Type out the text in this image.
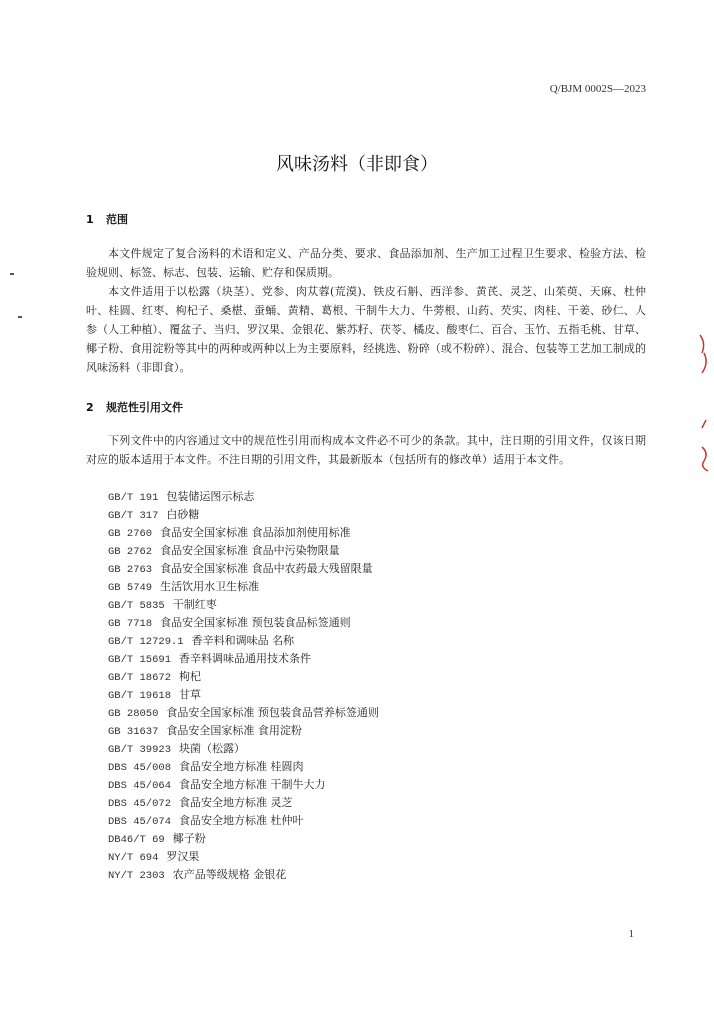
Q/BJM 0002S—2023
风味汤料（非即食）
1 范围

本文件规定了复合汤料的术语和定义、产品分类、要求、食品添加剂、生产加工过程卫生要求、检验方法、检验规则、标签、标志、包装、运输、贮存和保质期。

本文件适用于以松露（块茎）、党参、肉苁蓉(荒漠)、铁皮石斛、西洋参、黄芪、灵芝、山茱萸、天麻、杜仲叶、桂圆、红枣、枸杞子、桑椹、蚕蛹、黄精、葛根、干制牛大力、牛蒡根、山药、芡实、肉桂、干姜、砂仁、人参（人工种植）、覆盆子、当归、罗汉果、金银花、紫苏籽、茯苓、橘皮、酸枣仁、百合、玉竹、五指毛桃、甘草、椰子粉、食用淀粉等其中的两种或两种以上为主要原料，经挑选、粉碎（或不粉碎）、混合、包装等工艺加工制成的风味汤料（非即食）。

2 规范性引用文件

下列文件中的内容通过文中的规范性引用而构成本文件必不可少的条款。其中，注日期的引用文件，仅该日期对应的版本适用于本文件。不注日期的引用文件，其最新版本（包括所有的修改单）适用于本文件。

GB/T 191 包装储运图示标志
GB/T 317 白砂糖
GB 2760 食品安全国家标准 食品添加剂使用标准
GB 2762 食品安全国家标准 食品中污染物限量
GB 2763 食品安全国家标准 食品中农药最大残留限量
GB 5749 生活饮用水卫生标准
GB/T 5835 干制红枣
GB 7718 食品安全国家标准 预包装食品标签通则
GB/T 12729.1 香辛料和调味品 名称
GB/T 15691 香辛料调味品通用技术条件
GB/T 18672 枸杞
GB/T 19618 甘草
GB 28050 食品安全国家标准 预包装食品营养标签通则
GB 31637 食品安全国家标准 食用淀粉
GB/T 39923 块菌（松露）
DBS 45/008 食品安全地方标准 桂圆肉
DBS 45/064 食品安全地方标准 干制牛大力
DBS 45/072 食品安全地方标准 灵芝
DBS 45/074 食品安全地方标准 杜仲叶
DB46/T 69 椰子粉
NY/T 694 罗汉果
NY/T 2303 农产品等级规格 金银花
1
